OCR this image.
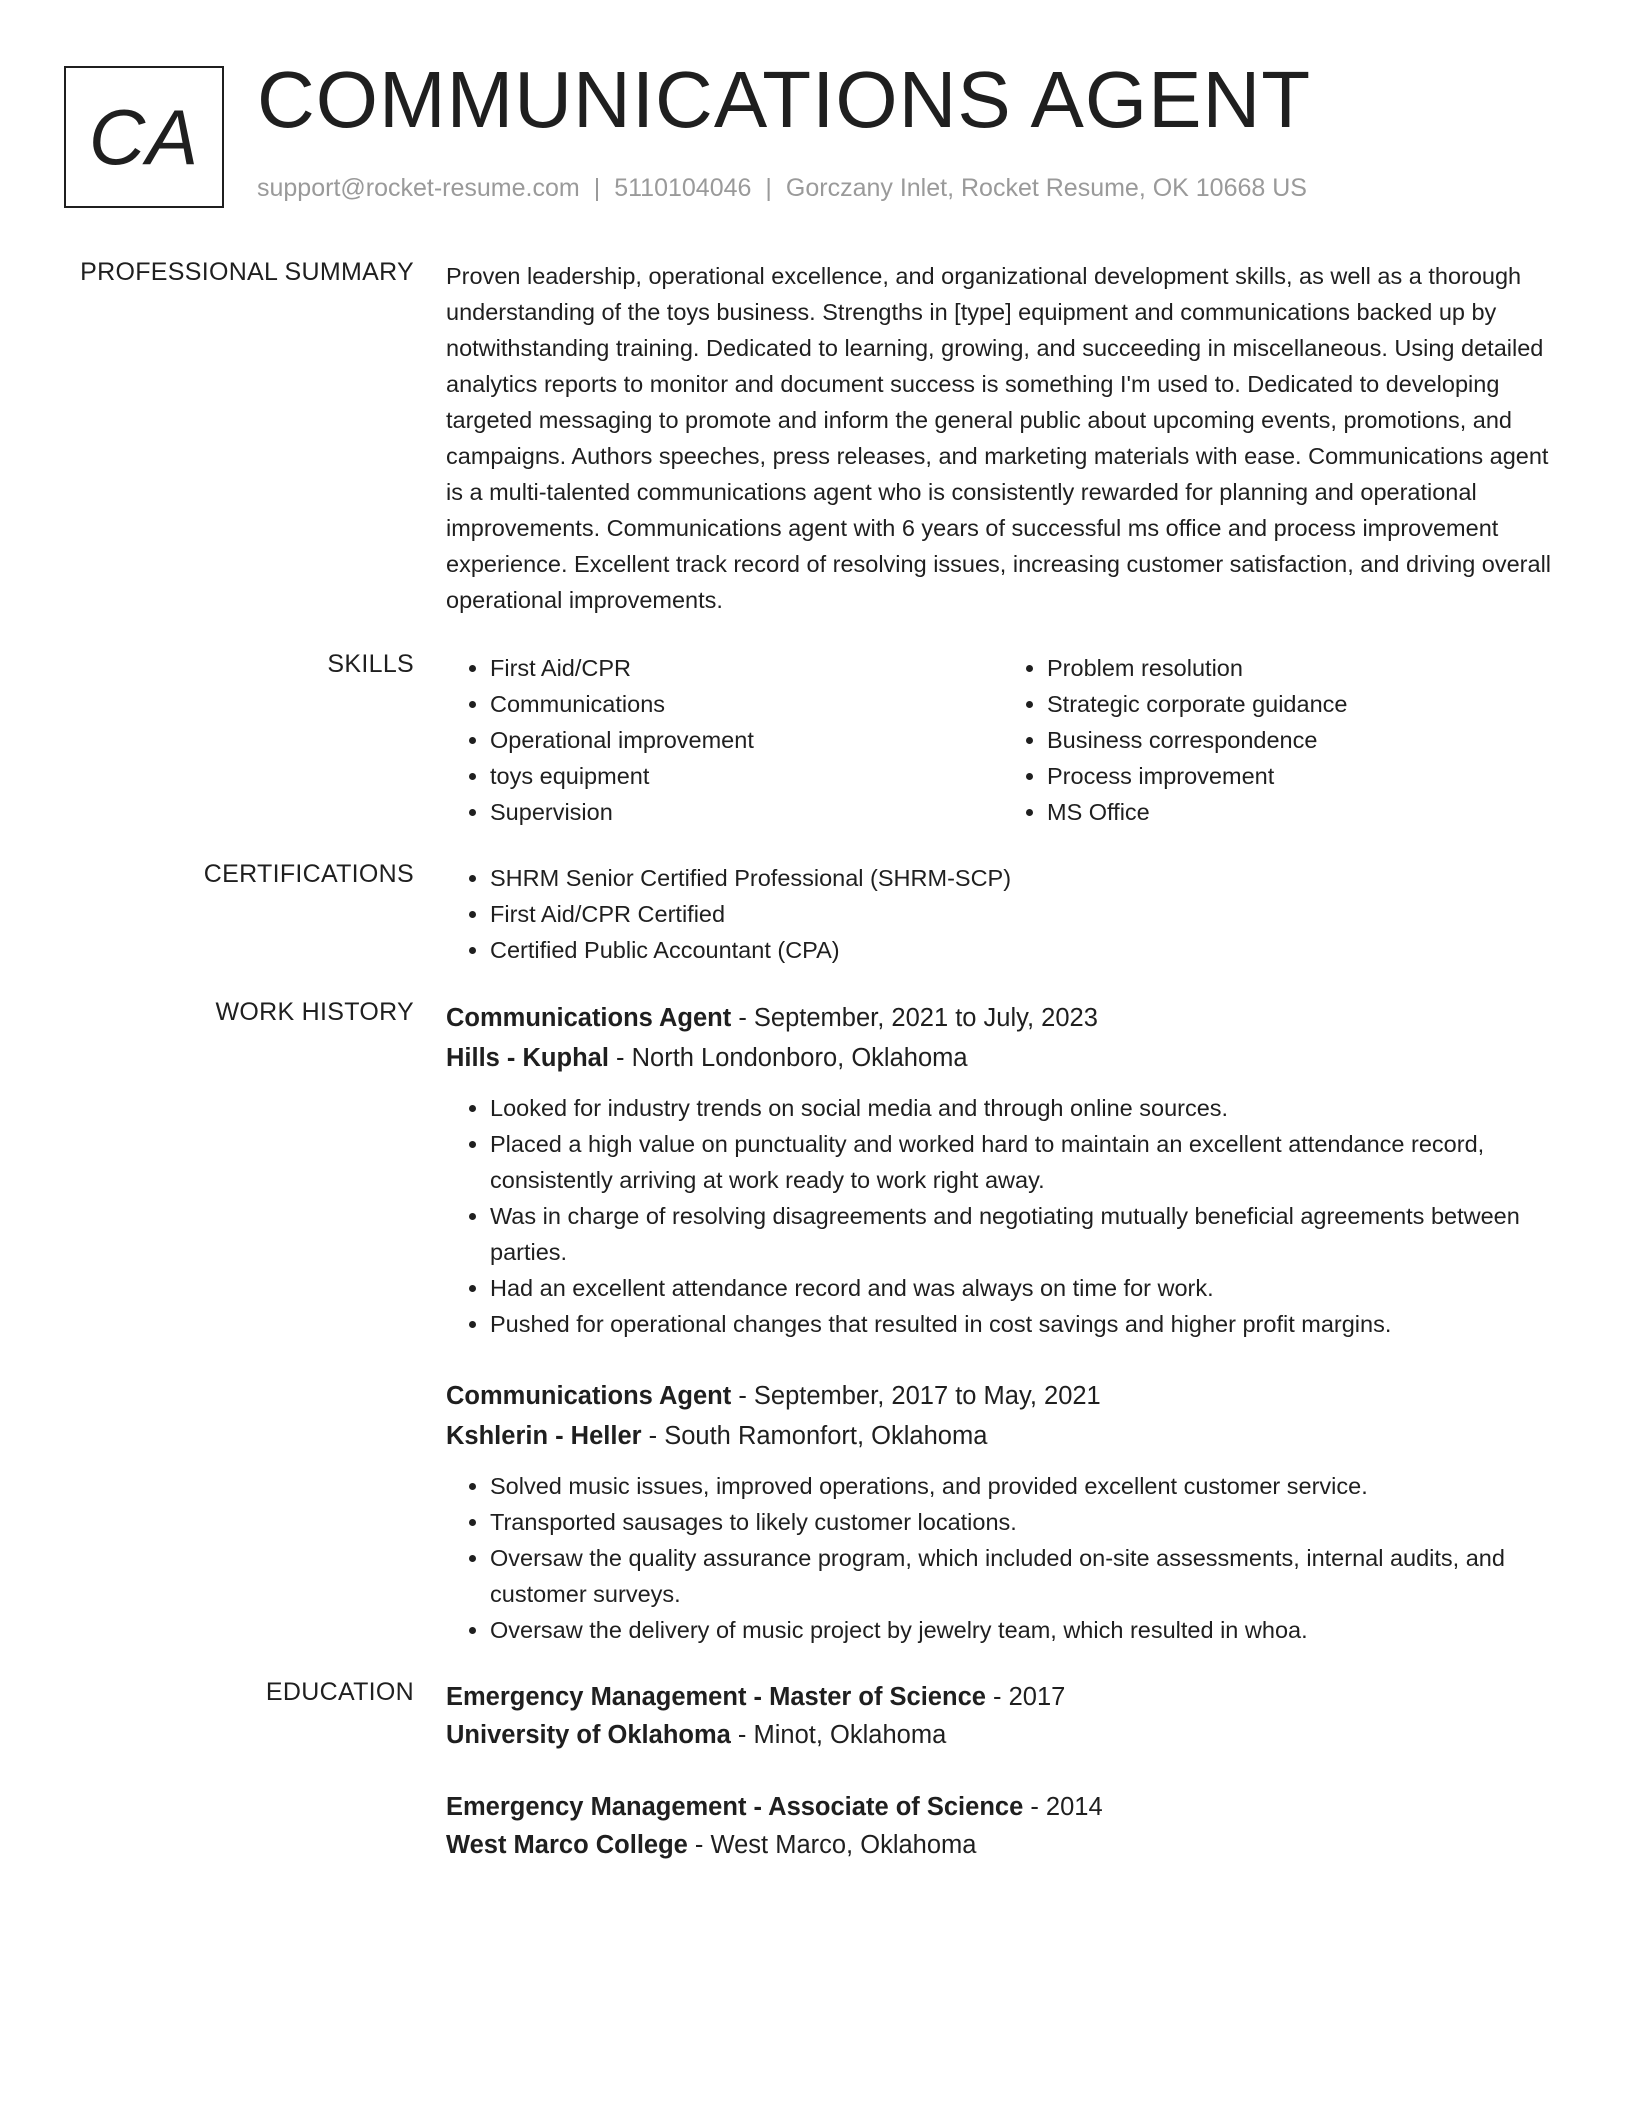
CA COMMUNICATIONS AGENT
support@rocket-resume.com | 5110104046 | Gorczany Inlet, Rocket Resume, OK 10668 US
PROFESSIONAL SUMMARY Proven leadership, operational excellence, and organizational development skills, as well as a thorough understanding of the toys business. Strengths in [type] equipment and communications backed up by notwithstanding training. Dedicated to learning, growing, and succeeding in miscellaneous. Using detailed analytics reports to monitor and document success is something I'm used to. Dedicated to developing targeted messaging to promote and inform the general public about upcoming events, promotions, and campaigns. Authors speeches, press releases, and marketing materials with ease. Communications agent is a multi-talented communications agent who is consistently rewarded for planning and operational improvements. Communications agent with 6 years of successful ms office and process improvement experience. Excellent track record of resolving issues, increasing customer satisfaction, and driving overall operational improvements.

SKILLS	• First Aid/CPR
• Communications
• Operational improvement
• toys equipment
• Supervision
• Problem resolution
• Strategic corporate guidance
• Business correspondence
• Process improvement
• MS Office
CERTIFICATIONS	• SHRM Senior Certified Professional (SHRM-SCP)
• First Aid/CPR Certified
• Certified Public Accountant (CPA)
WORK HISTORY Communications Agent - September, 2021 to July, 2023
Hills - Kuphal - North Londonboro, Oklahoma
• Looked for industry trends on social media and through online sources.
• Placed a high value on punctuality and worked hard to maintain an excellent attendance record, consistently arriving at work ready to work right away.
• Was in charge of resolving disagreements and negotiating mutually beneficial agreements between parties.
• Had an excellent attendance record and was always on time for work.
• Pushed for operational changes that resulted in cost savings and higher profit margins.
Communications Agent - September, 2017 to May, 2021
Kshlerin - Heller - South Ramonfort, Oklahoma
• Solved music issues, improved operations, and provided excellent customer service.
• Transported sausages to likely customer locations.
• Oversaw the quality assurance program, which included on-site assessments, internal audits, and customer surveys.
• Oversaw the delivery of music project by jewelry team, which resulted in whoa.
EDUCATION Emergency Management - Master of Science - 2017
University of Oklahoma - Minot, Oklahoma
Emergency Management - Associate of Science - 2014
West Marco College - West Marco, Oklahoma
